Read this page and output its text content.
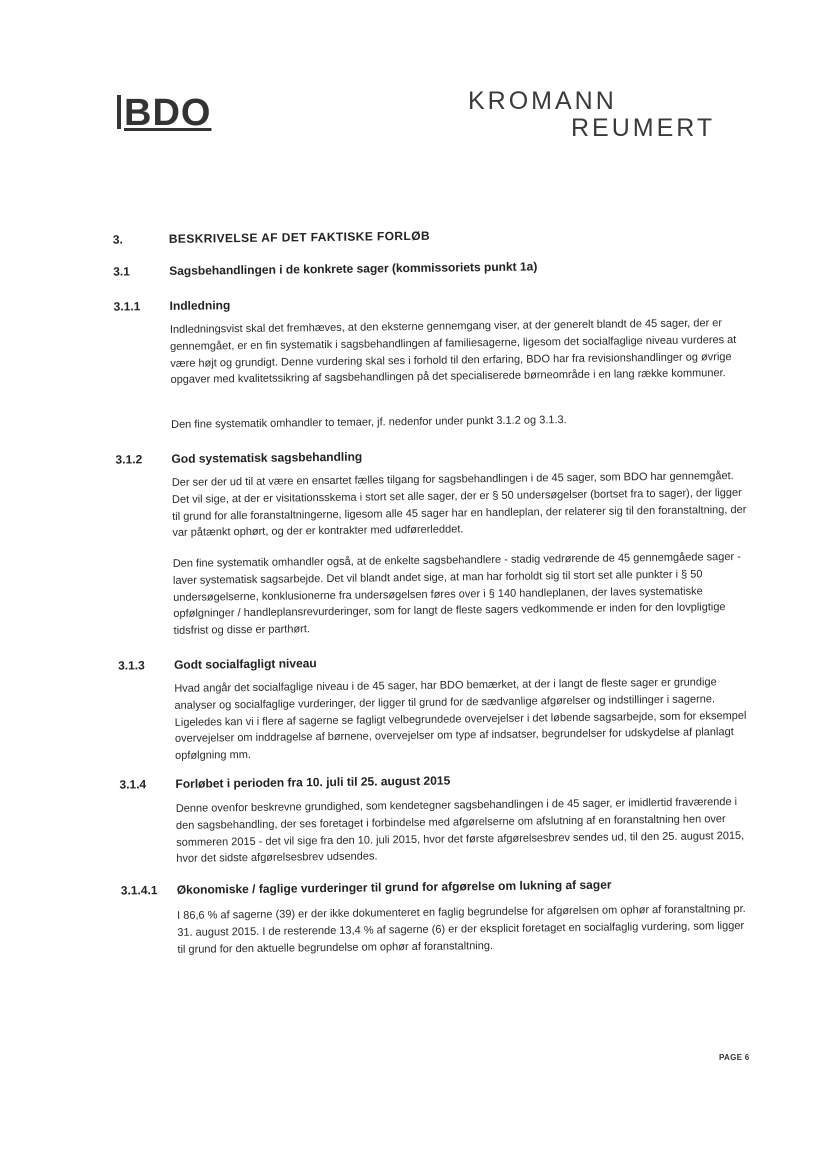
BDO	KROMANN
REUMERT
3.	BESKRIVELSE AF DET FAKTISKE FORLØB
3.1	Sagsbehandlingen i de konkrete sager (kommissoriets punkt 1a)
3.1.1 Indledning
Indledningsvist skal det fremhæves, at den eksterne gennemgang viser, at der generelt blandt de 45 sager, der er gennemgået, er en fin systematik i sagsbehandlingen af familiesagerne, ligesom det socialfaglige niveau vurderes at være højt og grundigt. Denne vurdering skal ses i forhold til den erfaring, BDO har fra revisionshandlinger og øvrige opgaver med kvalitetssikring af sagsbehandlingen på det specialiserede børneområde i en lang række kommuner.
Den fine systematik omhandler to temaer, jf. nedenfor under punkt 3.1.2 og 3.1.3.
3.1.2 God systematisk sagsbehandling
Der ser der ud til at være en ensartet fælles tilgang for sagsbehandlingen i de 45 sager, som BDO har gennemgået. Det vil sige, at der er visitationsskema i stort set alle sager, der er § 50 undersøgelser (bortset fra to sager), der ligger til grund for alle foranstaltningerne, ligesom alle 45 sager har en handleplan, der relaterer sig til den foranstaltning, der var påtænkt ophørt, og der er kontrakter med udførerleddet.
Den fine systematik omhandler også, at de enkelte sagsbehandlere - stadig vedrørende de 45 gennemgåede sager - laver systematisk sagsarbejde. Det vil blandt andet sige, at man har forholdt sig til stort set alle punkter i § 50 undersøgelserne, konklusionerne fra undersøgelsen føres over i § 140 handleplanen, der laves systematiske opfølgninger / handleplansrevurderinger, som for langt de fleste sagers vedkommende er inden for den lovpligtige tidsfrist og disse er parthørt.
3.1.3 Godt socialfagligt niveau
Hvad angår det socialfaglige niveau i de 45 sager, har BDO bemærket, at der i langt de fleste sager er grundige analyser og socialfaglige vurderinger, der ligger til grund for de sædvanlige afgørelser og indstillinger i sagerne. Ligeledes kan vi i flere af sagerne se fagligt velbegrundede overvejelser i det løbende sagsarbejde, som for eksempel overvejelser om inddragelse af børnene, overvejelser om type af indsatser, begrundelser for udskydelse af planlagt opfølgning mm.
3.1.4 Forløbet i perioden fra 10. juli til 25. august 2015
Denne ovenfor beskrevne grundighed, som kendetegner sagsbehandlingen i de 45 sager, er imidlertid fraværende i den sagsbehandling, der ses foretaget i forbindelse med afgørelserne om afslutning af en foranstaltning hen over sommeren 2015 - det vil sige fra den 10. juli 2015, hvor det første afgørelsesbrev sendes ud, til den 25. august 2015, hvor det sidste afgørelsesbrev udsendes.
3.1.4.1 Økonomiske / faglige vurderinger til grund for afgørelse om lukning af sager
I 86,6 % af sagerne (39) er der ikke dokumenteret en faglig begrundelse for afgørelsen om ophør af foranstaltning pr. 31. august 2015. I de resterende 13,4 % af sagerne (6) er der eksplicit foretaget en socialfaglig vurdering, som ligger til grund for den aktuelle begrundelse om ophør af foranstaltning.
PAGE 6
